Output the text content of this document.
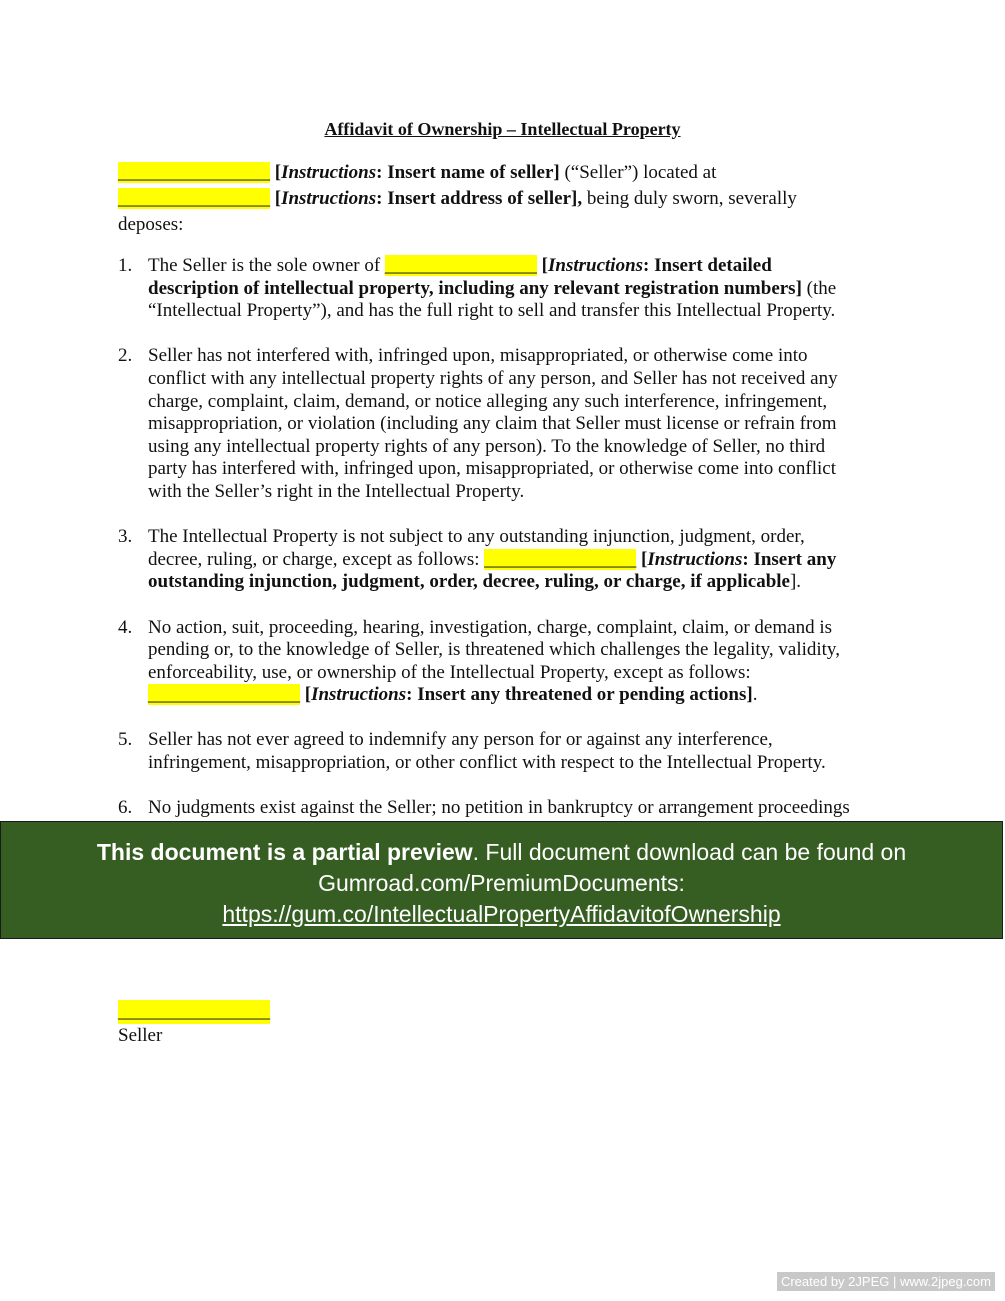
Affidavit of Ownership – Intellectual Property
________________ [Instructions: Insert name of seller] (“Seller”) located at
________________ [Instructions: Insert address of seller], being duly sworn, severally
deposes:
1. The Seller is the sole owner of ________________ [Instructions: Insert detailed
description of intellectual property, including any relevant registration numbers] (the
“Intellectual Property”), and has the full right to sell and transfer this Intellectual Property.
2. Seller has not interfered with, infringed upon, misappropriated, or otherwise come into
conflict with any intellectual property rights of any person, and Seller has not received any
charge, complaint, claim, demand, or notice alleging any such interference, infringement,
misappropriation, or violation (including any claim that Seller must license or refrain from
using any intellectual property rights of any person). To the knowledge of Seller, no third
party has interfered with, infringed upon, misappropriated, or otherwise come into conflict
with the Seller’s right in the Intellectual Property.
3. The Intellectual Property is not subject to any outstanding injunction, judgment, order,
decree, ruling, or charge, except as follows: ________________ [Instructions: Insert any
outstanding injunction, judgment, order, decree, ruling, or charge, if applicable].
4. No action, suit, proceeding, hearing, investigation, charge, complaint, claim, or demand is
pending or, to the knowledge of Seller, is threatened which challenges the legality, validity,
enforceability, use, or ownership of the Intellectual Property, except as follows:
________________ [Instructions: Insert any threatened or pending actions].
5. Seller has not ever agreed to indemnify any person for or against any interference,
infringement, misappropriation, or other conflict with respect to the Intellectual Property.
6. No judgments exist against the Seller; no petition in bankruptcy or arrangement proceedings
This document is a partial preview. Full document download can be found on
Gumroad.com/PremiumDocuments:
https://gum.co/IntellectualPropertyAffidavitofOwnership
________________
Seller
Created by 2JPEG | www.2jpeg.com
